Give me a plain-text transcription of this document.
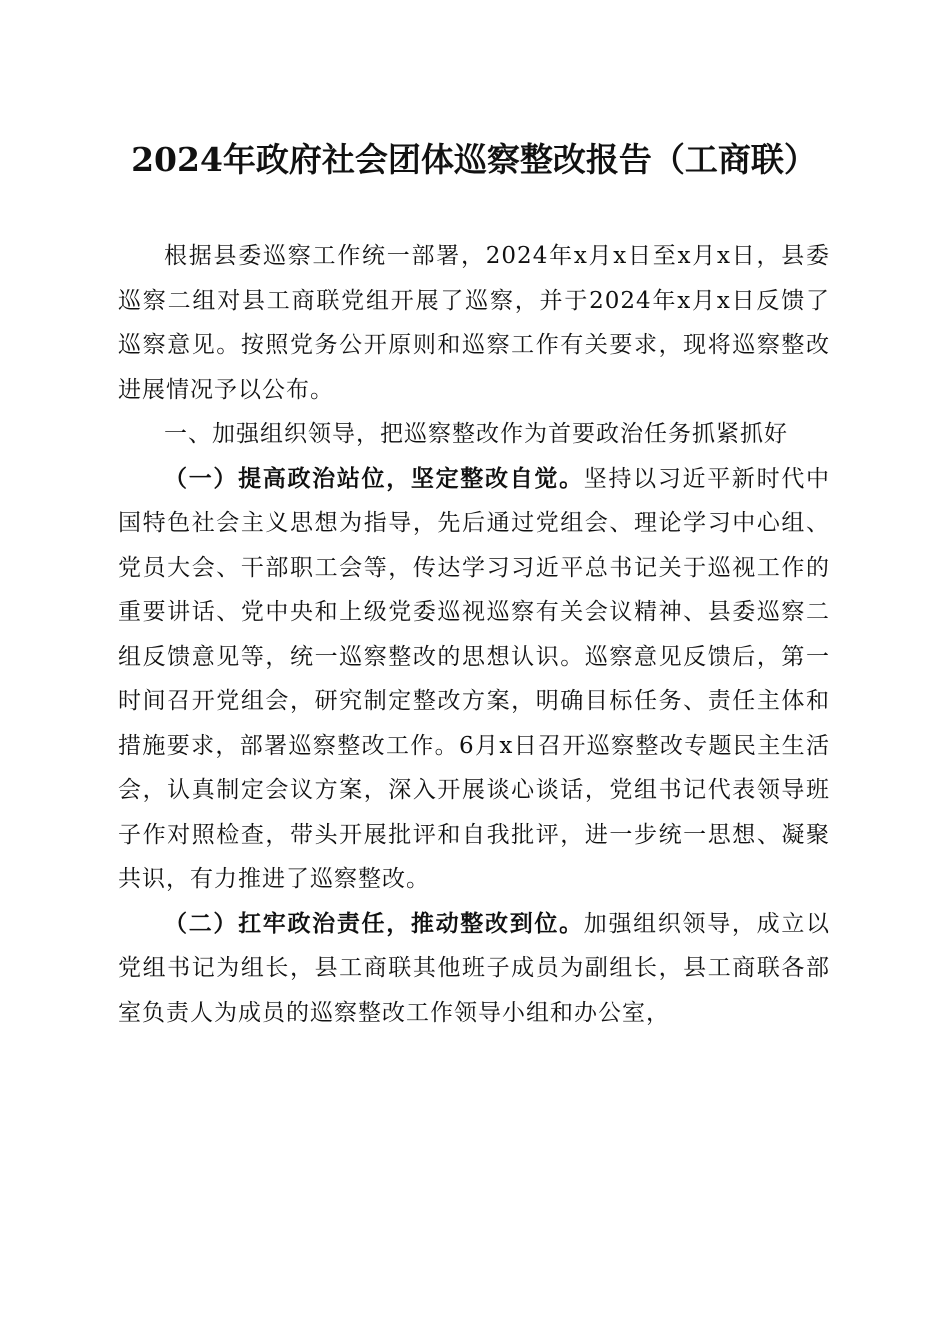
2024年政府社会团体巡察整改报告（工商联）

根据县委巡察工作统一部署，2024年x月x日至x月x日，县委巡察二组对县工商联党组开展了巡察，并于2024年x月x日反馈了巡察意见。按照党务公开原则和巡察工作有关要求，现将巡察整改进展情况予以公布。

一、加强组织领导，把巡察整改作为首要政治任务抓紧抓好

（一）提高政治站位，坚定整改自觉。坚持以习近平新时代中国特色社会主义思想为指导，先后通过党组会、理论学习中心组、党员大会、干部职工会等，传达学习习近平总书记关于巡视工作的重要讲话、党中央和上级党委巡视巡察有关会议精神、县委巡察二组反馈意见等，统一巡察整改的思想认识。巡察意见反馈后，第一时间召开党组会，研究制定整改方案，明确目标任务、责任主体和措施要求，部署巡察整改工作。6月x日召开巡察整改专题民主生活会，认真制定会议方案，深入开展谈心谈话，党组书记代表领导班子作对照检查，带头开展批评和自我批评，进一步统一思想、凝聚共识，有力推进了巡察整改。

（二）扛牢政治责任，推动整改到位。加强组织领导，成立以党组书记为组长，县工商联其他班子成员为副组长，县工商联各部室负责人为成员的巡察整改工作领导小组和办公室，
